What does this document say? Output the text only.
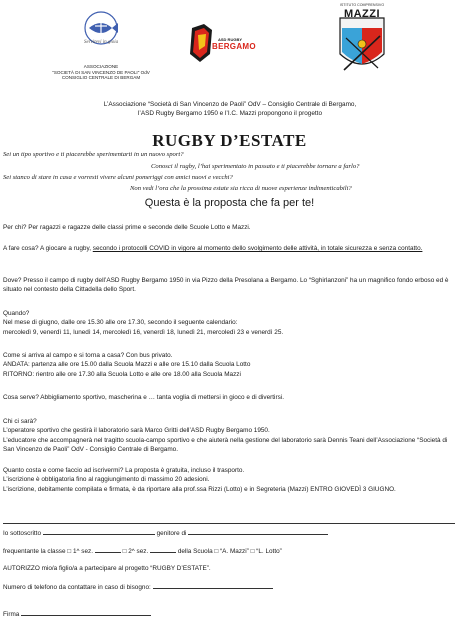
Servitevi in gioia
ASSOCIAZIONE
"SOCIETÀ DI SAN VINCENZO DE PAOLI" OdV
CONSIGLIO CENTRALE DI BERGAM
ASD RUGBY
BERGAMO
ISTITUTO COMPRENSIVO
MAZZI
L’Associazione “Società di San Vincenzo de Paoli” OdV – Consiglio Centrale di Bergamo,
l’ASD Rugby Bergamo 1950 e l’I.C. Mazzi propongono il progetto
RUGBY D’ESTATE
Sei un tipo sportivo e ti piacerebbe sperimentarti in un nuovo sport?
Conosci il rugby, l’hai sperimentato in passato e ti piacerebbe tornare a farlo?
Sei stanco di stare in casa e vorresti vivere alcuni pomeriggi con amici nuovi e vecchi?
Non vedi l’ora che la prossima estate sia ricca di nuove esperienze indimenticabili?
Questa è la proposta che fa per te!
Per chi? Per ragazzi e ragazze delle classi prime e seconde delle Scuole Lotto e Mazzi.
A fare cosa? A giocare a rugby, secondo i protocolli COVID in vigore al momento dello svolgimento delle attività, in totale sicurezza e senza contatto.
Dove? Presso il campo di rugby dell’ASD Rugby Bergamo 1950 in via Pizzo della Presolana a Bergamo. Lo “Sghirlanzoni” ha un magnifico fondo erboso ed è situato nel contesto della Cittadella dello Sport.
Quando?
Nel mese di giugno, dalle ore 15.30 alle ore 17.30, secondo il seguente calendario:
mercoledì 9, venerdì 11, lunedì 14, mercoledì 16, venerdì 18, lunedì 21, mercoledì 23 e venerdì 25.
Come si arriva al campo e si torna a casa? Con bus privato.
ANDATA: partenza alle ore 15.00 dalla Scuola Mazzi e alle ore 15.10 dalla Scuola Lotto
RITORNO: rientro alle ore 17.30 alla Scuola Lotto e alle ore 18.00 alla Scuola Mazzi
Cosa serve? Abbigliamento sportivo, mascherina e … tanta voglia di mettersi in gioco e di divertirsi.
Chi ci sarà?
L’operatore sportivo che gestirà il laboratorio sarà Marco Gritti dell’ASD Rugby Bergamo 1950.
L’educatore che accompagnerà nel tragitto scuola-campo sportivo e che aiuterà nella gestione del laboratorio sarà Dennis Teani dell’Associazione “Società di San Vincenzo de Paoli” OdV - Consiglio Centrale di Bergamo.
Quanto costa e come faccio ad iscrivermi? La proposta è gratuita, incluso il trasporto.
L’iscrizione è obbligatoria fino al raggiungimento di massimo 20 adesioni.
L’iscrizione, debitamente compilata e firmata, è da riportare alla prof.ssa Rizzi (Lotto) e in Segreteria (Mazzi) ENTRO GIOVEDÌ 3 GIUGNO.
Io sottoscritto	genitore di
frequentante la classe □ 1^ sez.	□ 2^ sez.	della Scuola □ “A. Mazzi” □ “L. Lotto”
AUTORIZZO mio/a figlio/a a partecipare al progetto “RUGBY D’ESTATE”.
Numero di telefono da contattare in caso di bisogno:
Firma
